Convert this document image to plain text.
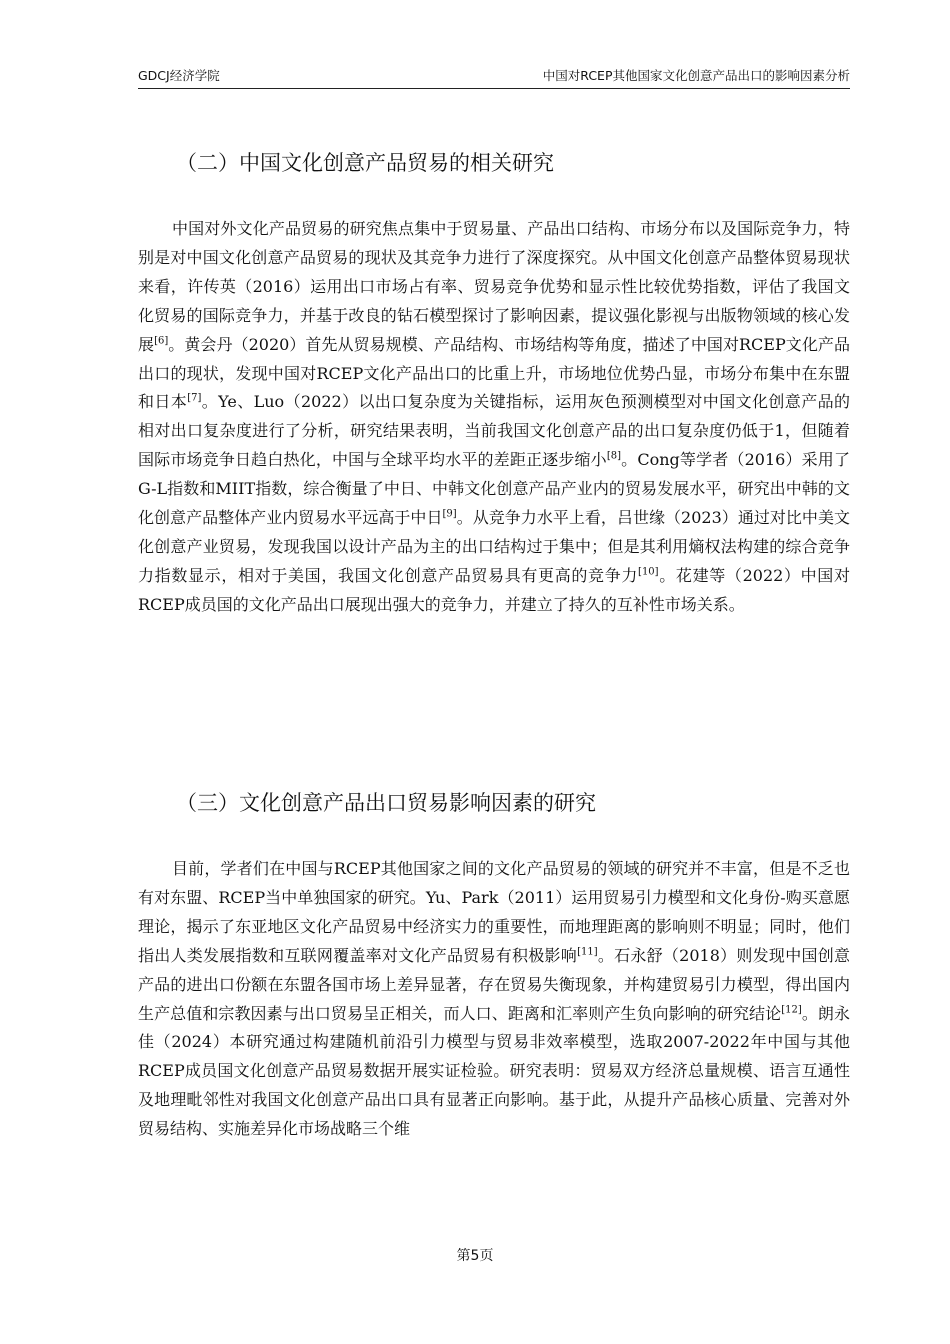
GDCJ经济学院	中国对RCEP其他国家文化创意产品出口的影响因素分析
（二）中国文化创意产品贸易的相关研究

中国对外文化产品贸易的研究焦点集中于贸易量、产品出口结构、市场分布以及国际竞争力，特别是对中国文化创意产品贸易的现状及其竞争力进行了深度探究。从中国文化创意产品整体贸易现状来看，许传英（2016）运用出口市场占有率、贸易竞争优势和显示性比较优势指数，评估了我国文化贸易的国际竞争力，并基于改良的钻石模型探讨了影响因素，提议强化影视与出版物领域的核心发展[6]。黄会丹（2020）首先从贸易规模、产品结构、市场结构等角度，描述了中国对RCEP文化产品出口的现状，发现中国对RCEP文化产品出口的比重上升，市场地位优势凸显，市场分布集中在东盟和日本[7]。Ye、Luo（2022）以出口复杂度为关键指标，运用灰色预测模型对中国文化创意产品的相对出口复杂度进行了分析，研究结果表明，当前我国文化创意产品的出口复杂度仍低于1，但随着国际市场竞争日趋白热化，中国与全球平均水平的差距正逐步缩小[8]。Cong等学者（2016）采用了G-L指数和MIIT指数，综合衡量了中日、中韩文化创意产品产业内的贸易发展水平，研究出中韩的文化创意产品整体产业内贸易水平远高于中日[9]。从竞争力水平上看，吕世缘（2023）通过对比中美文化创意产业贸易，发现我国以设计产品为主的出口结构过于集中；但是其利用熵权法构建的综合竞争力指数显示，相对于美国，我国文化创意产品贸易具有更高的竞争力[10]。花建等（2022）中国对RCEP成员国的文化产品出口展现出强大的竞争力，并建立了持久的互补性市场关系。

（三）文化创意产品出口贸易影响因素的研究

目前，学者们在中国与RCEP其他国家之间的文化产品贸易的领域的研究并不丰富，但是不乏也有对东盟、RCEP当中单独国家的研究。Yu、Park（2011）运用贸易引力模型和文化身份-购买意愿理论，揭示了东亚地区文化产品贸易中经济实力的重要性，而地理距离的影响则不明显；同时，他们指出人类发展指数和互联网覆盖率对文化产品贸易有积极影响[11]。石永舒（2018）则发现中国创意产品的进出口份额在东盟各国市场上差异显著，存在贸易失衡现象，并构建贸易引力模型，得出国内生产总值和宗教因素与出口贸易呈正相关，而人口、距离和汇率则产生负向影响的研究结论[12]。朗永佳（2024）本研究通过构建随机前沿引力模型与贸易非效率模型，选取2007-2022年中国与其他RCEP成员国文化创意产品贸易数据开展实证检验。研究表明：贸易双方经济总量规模、语言互通性及地理毗邻性对我国文化创意产品出口具有显著正向影响。基于此，从提升产品核心质量、完善对外贸易结构、实施差异化市场战略三个维

第5页
